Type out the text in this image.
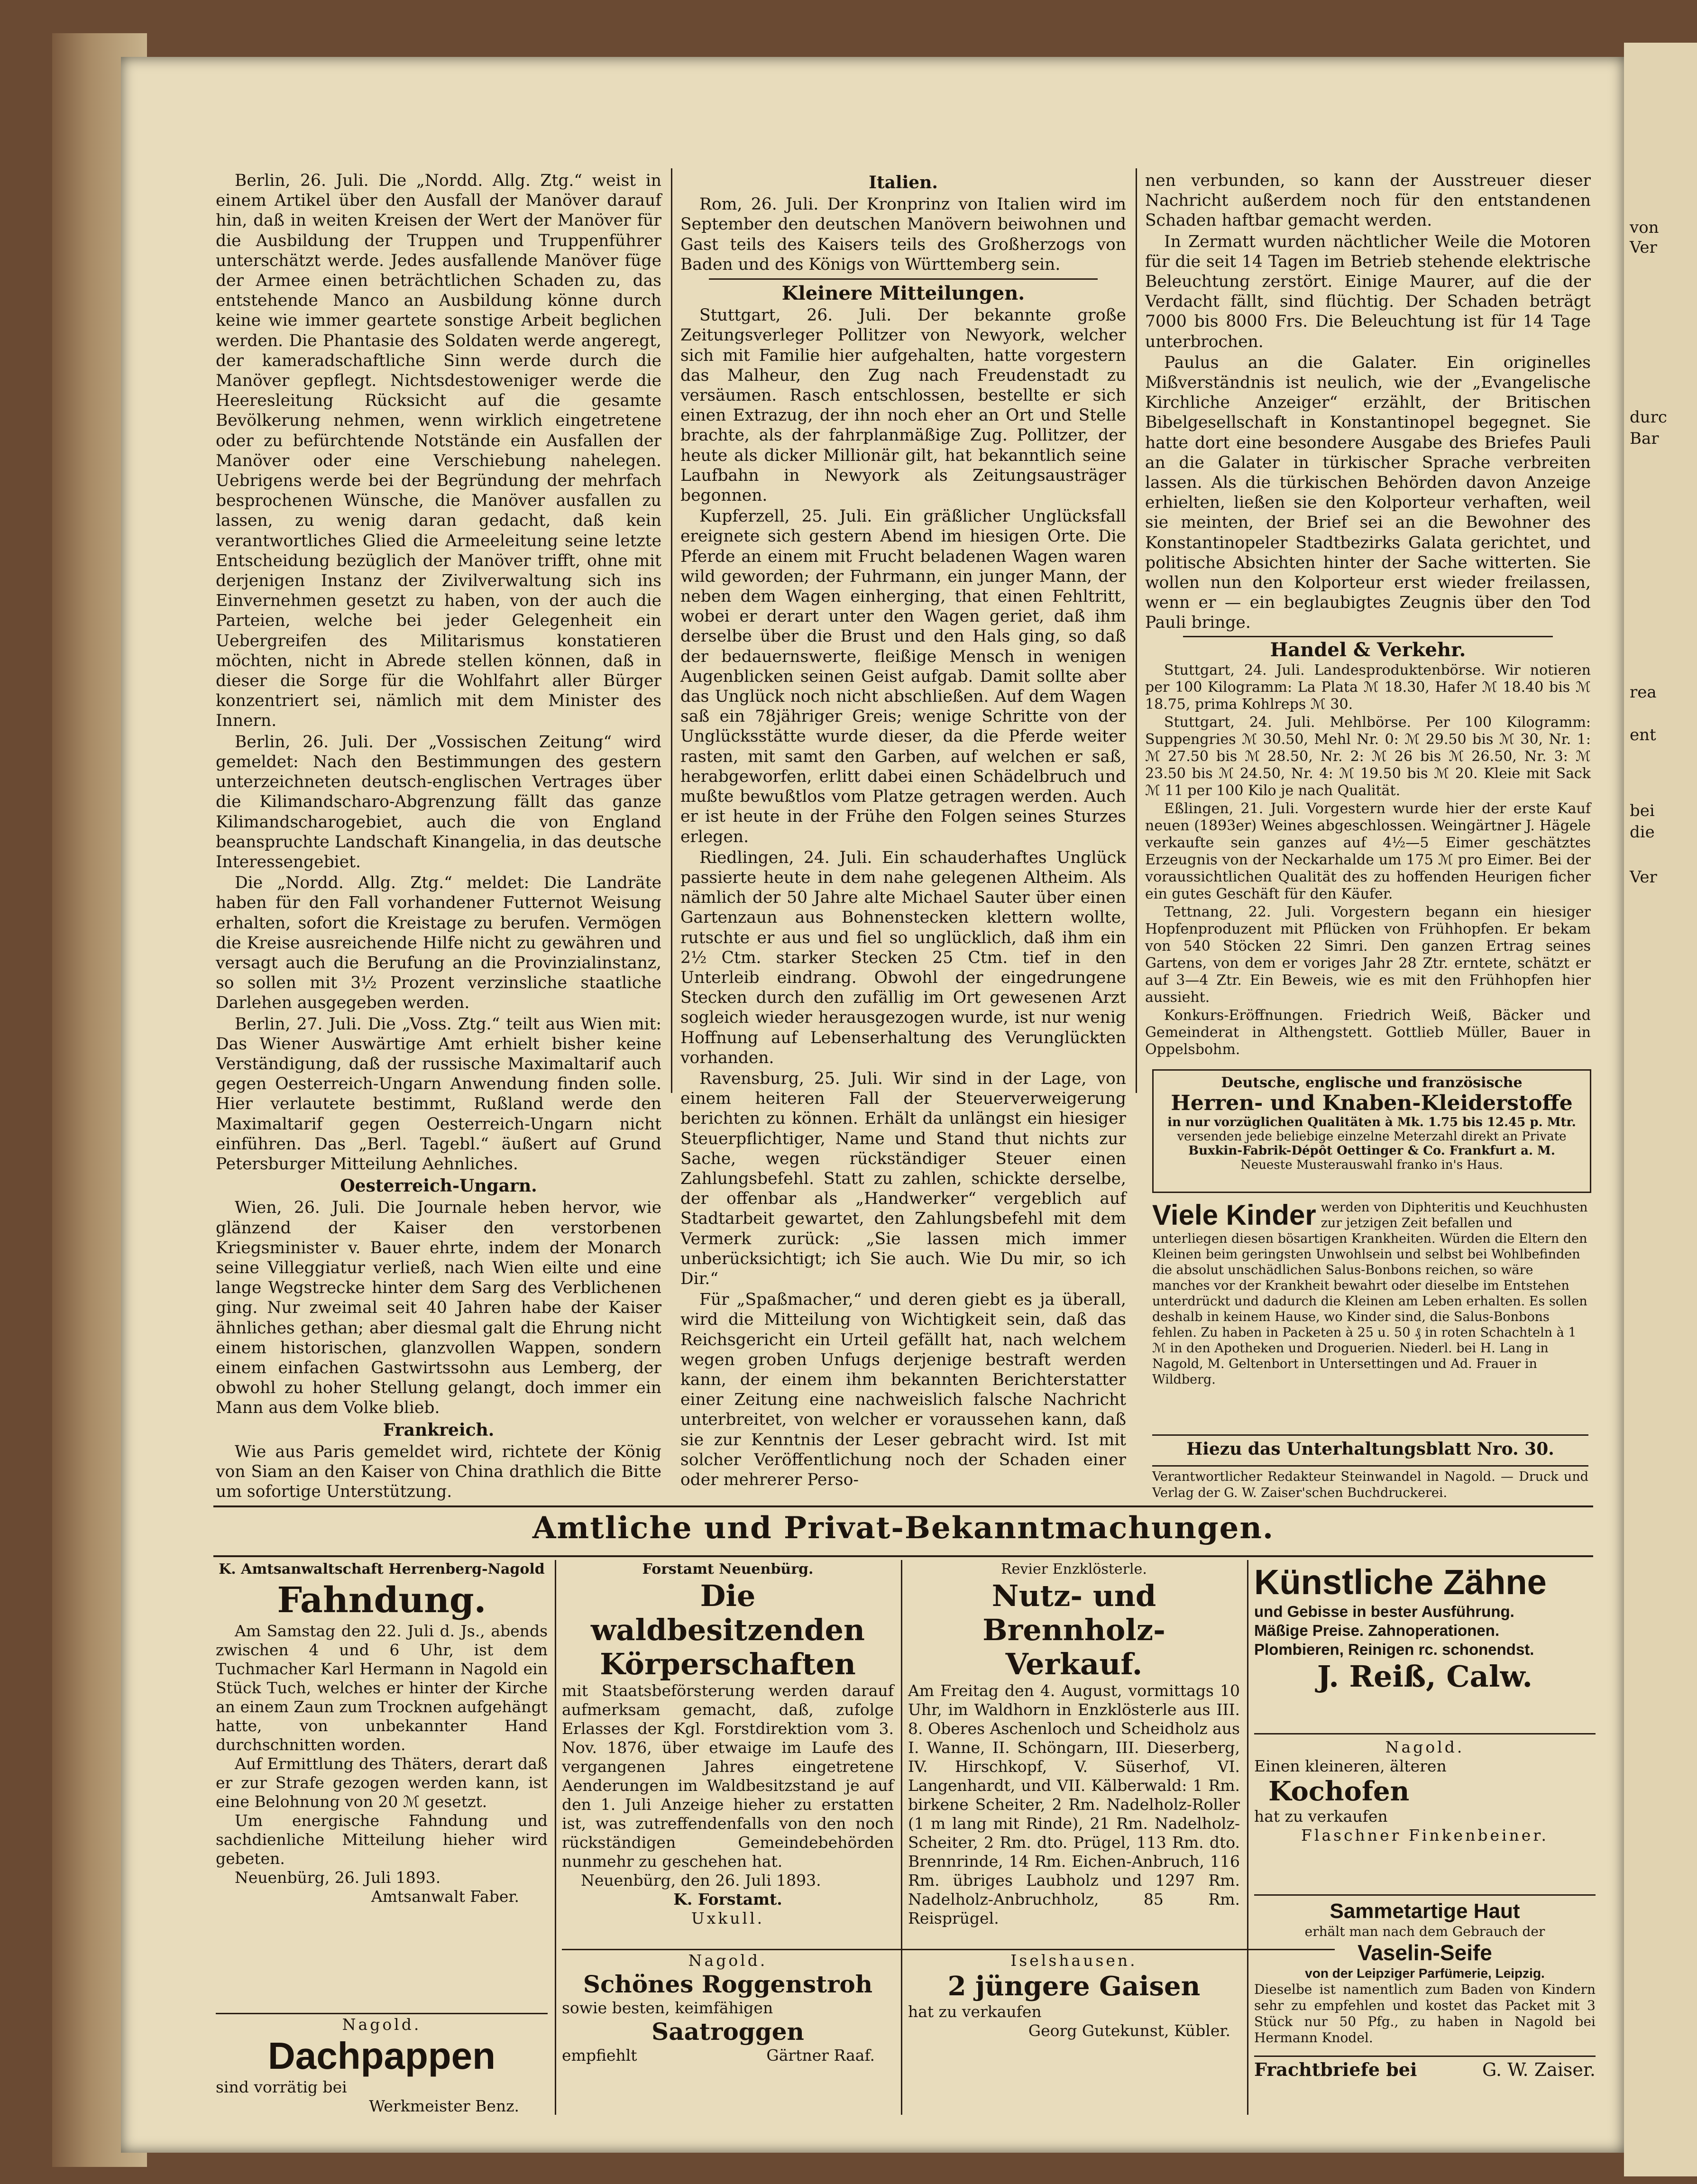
von
Ver
durc
Bar
rea
ent
bei
die
Ver

Berlin, 26. Juli. Die „Nordd. Allg. Ztg.“ weist in einem Artikel über den Ausfall der Manöver darauf hin, daß in weiten Kreisen der Wert der Manöver für die Ausbildung der Truppen und Truppenführer unterschätzt werde. Jedes ausfallende Manöver füge der Armee einen beträchtlichen Schaden zu, das entstehende Manco an Ausbildung könne durch keine wie immer geartete sonstige Arbeit beglichen werden. Die Phantasie des Soldaten werde angeregt, der kameradschaftliche Sinn werde durch die Manöver gepflegt. Nichtsdestoweniger werde die Heeresleitung Rücksicht auf die gesamte Bevölkerung nehmen, wenn wirklich eingetretene oder zu befürchtende Notstände ein Ausfallen der Manöver oder eine Verschiebung nahelegen. Uebrigens werde bei der Begründung der mehrfach besprochenen Wünsche, die Manöver ausfallen zu lassen, zu wenig daran gedacht, daß kein verantwortliches Glied die Armeeleitung seine letzte Entscheidung bezüglich der Manöver trifft, ohne mit derjenigen Instanz der Zivilverwaltung sich ins Einvernehmen gesetzt zu haben, von der auch die Parteien, welche bei jeder Gelegenheit ein Uebergreifen des Militarismus konstatieren möchten, nicht in Abrede stellen können, daß in dieser die Sorge für die Wohlfahrt aller Bürger konzentriert sei, nämlich mit dem Minister des Innern.

Berlin, 26. Juli. Der „Vossischen Zeitung“ wird gemeldet: Nach den Bestimmungen des gestern unterzeichneten deutsch-englischen Vertrages über die Kilimandscharo-Abgrenzung fällt das ganze Kilimandscharogebiet, auch die von England beanspruchte Landschaft Kinangelia, in das deutsche Interessengebiet.

Die „Nordd. Allg. Ztg.“ meldet: Die Landräte haben für den Fall vorhandener Futternot Weisung erhalten, sofort die Kreistage zu berufen. Vermögen die Kreise ausreichende Hilfe nicht zu gewähren und versagt auch die Berufung an die Provinzialinstanz, so sollen mit 3½ Prozent verzinsliche staatliche Darlehen ausgegeben werden.

Berlin, 27. Juli. Die „Voss. Ztg.“ teilt aus Wien mit: Das Wiener Auswärtige Amt erhielt bisher keine Verständigung, daß der russische Maximaltarif auch gegen Oesterreich-Ungarn Anwendung finden solle. Hier verlautete bestimmt, Rußland werde den Maximaltarif gegen Oesterreich-Ungarn nicht einführen. Das „Berl. Tagebl.“ äußert auf Grund Petersburger Mitteilung Aehnliches.

Oesterreich-Ungarn.

Wien, 26. Juli. Die Journale heben hervor, wie glänzend der Kaiser den verstorbenen Kriegsminister v. Bauer ehrte, indem der Monarch seine Villeggiatur verließ, nach Wien eilte und eine lange Wegstrecke hinter dem Sarg des Verblichenen ging. Nur zweimal seit 40 Jahren habe der Kaiser ähnliches gethan; aber diesmal galt die Ehrung nicht einem historischen, glanzvollen Wappen, sondern einem einfachen Gastwirtssohn aus Lemberg, der obwohl zu hoher Stellung gelangt, doch immer ein Mann aus dem Volke blieb.

Frankreich.

Wie aus Paris gemeldet wird, richtete der König von Siam an den Kaiser von China drathlich die Bitte um sofortige Unterstützung.

Italien.

Rom, 26. Juli. Der Kronprinz von Italien wird im September den deutschen Manövern beiwohnen und Gast teils des Kaisers teils des Großherzogs von Baden und des Königs von Württemberg sein.

Kleinere Mitteilungen.

Stuttgart, 26. Juli. Der bekannte große Zeitungsverleger Pollitzer von Newyork, welcher sich mit Familie hier aufgehalten, hatte vorgestern das Malheur, den Zug nach Freudenstadt zu versäumen. Rasch entschlossen, bestellte er sich einen Extrazug, der ihn noch eher an Ort und Stelle brachte, als der fahrplanmäßige Zug. Pollitzer, der heute als dicker Millionär gilt, hat bekanntlich seine Laufbahn in Newyork als Zeitungsausträger begonnen.

Kupferzell, 25. Juli. Ein gräßlicher Unglücksfall ereignete sich gestern Abend im hiesigen Orte. Die Pferde an einem mit Frucht beladenen Wagen waren wild geworden; der Fuhrmann, ein junger Mann, der neben dem Wagen einherging, that einen Fehltritt, wobei er derart unter den Wagen geriet, daß ihm derselbe über die Brust und den Hals ging, so daß der bedauernswerte, fleißige Mensch in wenigen Augenblicken seinen Geist aufgab. Damit sollte aber das Unglück noch nicht abschließen. Auf dem Wagen saß ein 78jähriger Greis; wenige Schritte von der Unglücksstätte wurde dieser, da die Pferde weiter rasten, mit samt den Garben, auf welchen er saß, herabgeworfen, erlitt dabei einen Schädelbruch und mußte bewußtlos vom Platze getragen werden. Auch er ist heute in der Frühe den Folgen seines Sturzes erlegen.

Riedlingen, 24. Juli. Ein schauderhaftes Unglück passierte heute in dem nahe gelegenen Altheim. Als nämlich der 50 Jahre alte Michael Sauter über einen Gartenzaun aus Bohnenstecken klettern wollte, rutschte er aus und fiel so unglücklich, daß ihm ein 2½ Ctm. starker Stecken 25 Ctm. tief in den Unterleib eindrang. Obwohl der eingedrungene Stecken durch den zufällig im Ort gewesenen Arzt sogleich wieder herausgezogen wurde, ist nur wenig Hoffnung auf Lebenserhaltung des Verunglückten vorhanden.

Ravensburg, 25. Juli. Wir sind in der Lage, von einem heiteren Fall der Steuerverweigerung berichten zu können. Erhält da unlängst ein hiesiger Steuerpflichtiger, Name und Stand thut nichts zur Sache, wegen rückständiger Steuer einen Zahlungsbefehl. Statt zu zahlen, schickte derselbe, der offenbar als „Handwerker“ vergeblich auf Stadtarbeit gewartet, den Zahlungsbefehl mit dem Vermerk zurück: „Sie lassen mich immer unberücksichtigt; ich Sie auch. Wie Du mir, so ich Dir.“

Für „Spaßmacher,“ und deren giebt es ja überall, wird die Mitteilung von Wichtigkeit sein, daß das Reichsgericht ein Urteil gefällt hat, nach welchem wegen groben Unfugs derjenige bestraft werden kann, der einem ihm bekannten Berichterstatter einer Zeitung eine nachweislich falsche Nachricht unterbreitet, von welcher er voraussehen kann, daß sie zur Kenntnis der Leser gebracht wird. Ist mit solcher Veröffentlichung noch der Schaden einer oder mehrerer Perso-

nen verbunden, so kann der Ausstreuer dieser Nachricht außerdem noch für den entstandenen Schaden haftbar gemacht werden.

In Zermatt wurden nächtlicher Weile die Motoren für die seit 14 Tagen im Betrieb stehende elektrische Beleuchtung zerstört. Einige Maurer, auf die der Verdacht fällt, sind flüchtig. Der Schaden beträgt 7000 bis 8000 Frs. Die Beleuchtung ist für 14 Tage unterbrochen.

Paulus an die Galater. Ein originelles Mißverständnis ist neulich, wie der „Evangelische Kirchliche Anzeiger“ erzählt, der Britischen Bibelgesellschaft in Konstantinopel begegnet. Sie hatte dort eine besondere Ausgabe des Briefes Pauli an die Galater in türkischer Sprache verbreiten lassen. Als die türkischen Behörden davon Anzeige erhielten, ließen sie den Kolporteur verhaften, weil sie meinten, der Brief sei an die Bewohner des Konstantinopeler Stadtbezirks Galata gerichtet, und politische Absichten hinter der Sache witterten. Sie wollen nun den Kolporteur erst wieder freilassen, wenn er — ein beglaubigtes Zeugnis über den Tod Pauli bringe.

Handel & Verkehr.

Stuttgart, 24. Juli. Landesproduktenbörse. Wir notieren per 100 Kilogramm: La Plata ℳ 18.30, Hafer ℳ 18.40 bis ℳ 18.75, prima Kohlreps ℳ 30.

Stuttgart, 24. Juli. Mehlbörse. Per 100 Kilogramm: Suppengries ℳ 30.50, Mehl Nr. 0: ℳ 29.50 bis ℳ 30, Nr. 1: ℳ 27.50 bis ℳ 28.50, Nr. 2: ℳ 26 bis ℳ 26.50, Nr. 3: ℳ 23.50 bis ℳ 24.50, Nr. 4: ℳ 19.50 bis ℳ 20. Kleie mit Sack ℳ 11 per 100 Kilo je nach Qualität.

Eßlingen, 21. Juli. Vorgestern wurde hier der erste Kauf neuen (1893er) Weines abgeschlossen. Weingärtner J. Hägele verkaufte sein ganzes auf 4½—5 Eimer geschätztes Erzeugnis von der Neckarhalde um 175 ℳ pro Eimer. Bei der voraussichtlichen Qualität des zu hoffenden Heurigen ficher ein gutes Geschäft für den Käufer.

Tettnang, 22. Juli. Vorgestern begann ein hiesiger Hopfenproduzent mit Pflücken von Frühhopfen. Er bekam von 540 Stöcken 22 Simri. Den ganzen Ertrag seines Gartens, von dem er voriges Jahr 28 Ztr. erntete, schätzt er auf 3—4 Ztr. Ein Beweis, wie es mit den Frühhopfen hier aussieht.

Konkurs-Eröffnungen. Friedrich Weiß, Bäcker und Gemeinderat in Althengstett. Gottlieb Müller, Bauer in Oppelsbohm.

Deutsche, englische und französische
Herren- und Knaben-Kleiderstoffe
in nur vorzüglichen Qualitäten à Mk. 1.75 bis 12.45 p. Mtr.
versenden jede beliebige einzelne Meterzahl direkt an Private
Buxkin-Fabrik-Dépôt Oettinger & Co. Frankfurt a. M.
Neueste Musterauswahl franko in's Haus.
Viele Kinder werden von Diphteritis und Keuchhusten zur jetzigen Zeit befallen und unterliegen diesen bösartigen Krankheiten. Würden die Eltern den Kleinen beim geringsten Unwohlsein und selbst bei Wohlbefinden die absolut unschädlichen Salus-Bonbons reichen, so wäre manches vor der Krankheit bewahrt oder dieselbe im Entstehen unterdrückt und dadurch die Kleinen am Leben erhalten. Es sollen deshalb in keinem Hause, wo Kinder sind, die Salus-Bonbons fehlen. Zu haben in Packeten à 25 u. 50 ₰ in roten Schachteln à 1 ℳ in den Apotheken und Droguerien. Niederl. bei H. Lang in Nagold, M. Geltenbort in Untersettingen und Ad. Frauer in Wildberg.
Hiezu das Unterhaltungsblatt Nro. 30.
Verantwortlicher Redakteur Steinwandel in Nagold. — Druck und Verlag der G. W. Zaiser'schen Buchdruckerei.
Amtliche und Privat-Bekanntmachungen.
K. Amtsanwaltschaft Herrenberg-Nagold
Fahndung.
Am Samstag den 22. Juli d. Js., abends zwischen 4 und 6 Uhr, ist dem Tuchmacher Karl Hermann in Nagold ein Stück Tuch, welches er hinter der Kirche an einem Zaun zum Trocknen aufgehängt hatte, von unbekannter Hand durchschnitten worden.
Auf Ermittlung des Thäters, derart daß er zur Strafe gezogen werden kann, ist eine Belohnung von 20 ℳ gesetzt.
Um energische Fahndung und sachdienliche Mitteilung hieher wird gebeten.
Neuenbürg, 26. Juli 1893.
Amtsanwalt Faber.
Nagold.
Dachpappen
sind vorrätig bei
Werkmeister Benz.
Forstamt Neuenbürg.
Die waldbesitzenden
Körperschaften
mit Staatsbeförsterung werden darauf aufmerksam gemacht, daß, zufolge Erlasses der Kgl. Forstdirektion vom 3. Nov. 1876, über etwaige im Laufe des vergangenen Jahres eingetretene Aenderungen im Waldbesitzstand je auf den 1. Juli Anzeige hieher zu erstatten ist, was zutreffendenfalls von den noch rückständigen Gemeindebehörden nunmehr zu geschehen hat.
Neuenbürg, den 26. Juli 1893.
K. Forstamt.
Uxkull.
Nagold.
Schönes Roggenstroh
sowie besten, keimfähigen
Saatroggen
empfiehlt	Gärtner Raaf.
Revier Enzklösterle.
Nutz- und Brennholz-
Verkauf.
Am Freitag den 4. August, vormittags 10 Uhr, im Waldhorn in Enzklösterle aus III. 8. Oberes Aschenloch und Scheidholz aus I. Wanne, II. Schöngarn, III. Dieserberg, IV. Hirschkopf, V. Süserhof, VI. Langenhardt, und VII. Kälberwald: 1 Rm. birkene Scheiter, 2 Rm. Nadelholz-Roller (1 m lang mit Rinde), 21 Rm. Nadelholz-Scheiter, 2 Rm. dto. Prügel, 113 Rm. dto. Brennrinde, 14 Rm. Eichen-Anbruch, 116 Rm. übriges Laubholz und 1297 Rm. Nadelholz-Anbruchholz, 85 Rm. Reisprügel.
Iselshausen.
2 jüngere Gaisen
hat zu verkaufen
Georg Gutekunst, Kübler.
Künstliche Zähne
und Gebisse in bester Ausführung.
Mäßige Preise. Zahnoperationen.
Plombieren, Reinigen rc. schonendst.
J. Reiß, Calw.
Nagold.
Einen kleineren, älteren
Kochofen
hat zu verkaufen
Flaschner Finkenbeiner.
Sammetartige Haut
erhält man nach dem Gebrauch der
Vaselin-Seife
von der Leipziger Parfümerie, Leipzig.
Dieselbe ist namentlich zum Baden von Kindern sehr zu empfehlen und kostet das Packet mit 3 Stück nur 50 Pfg., zu haben in Nagold bei Hermann Knodel.
Frachtbriefe bei	G. W. Zaiser.
